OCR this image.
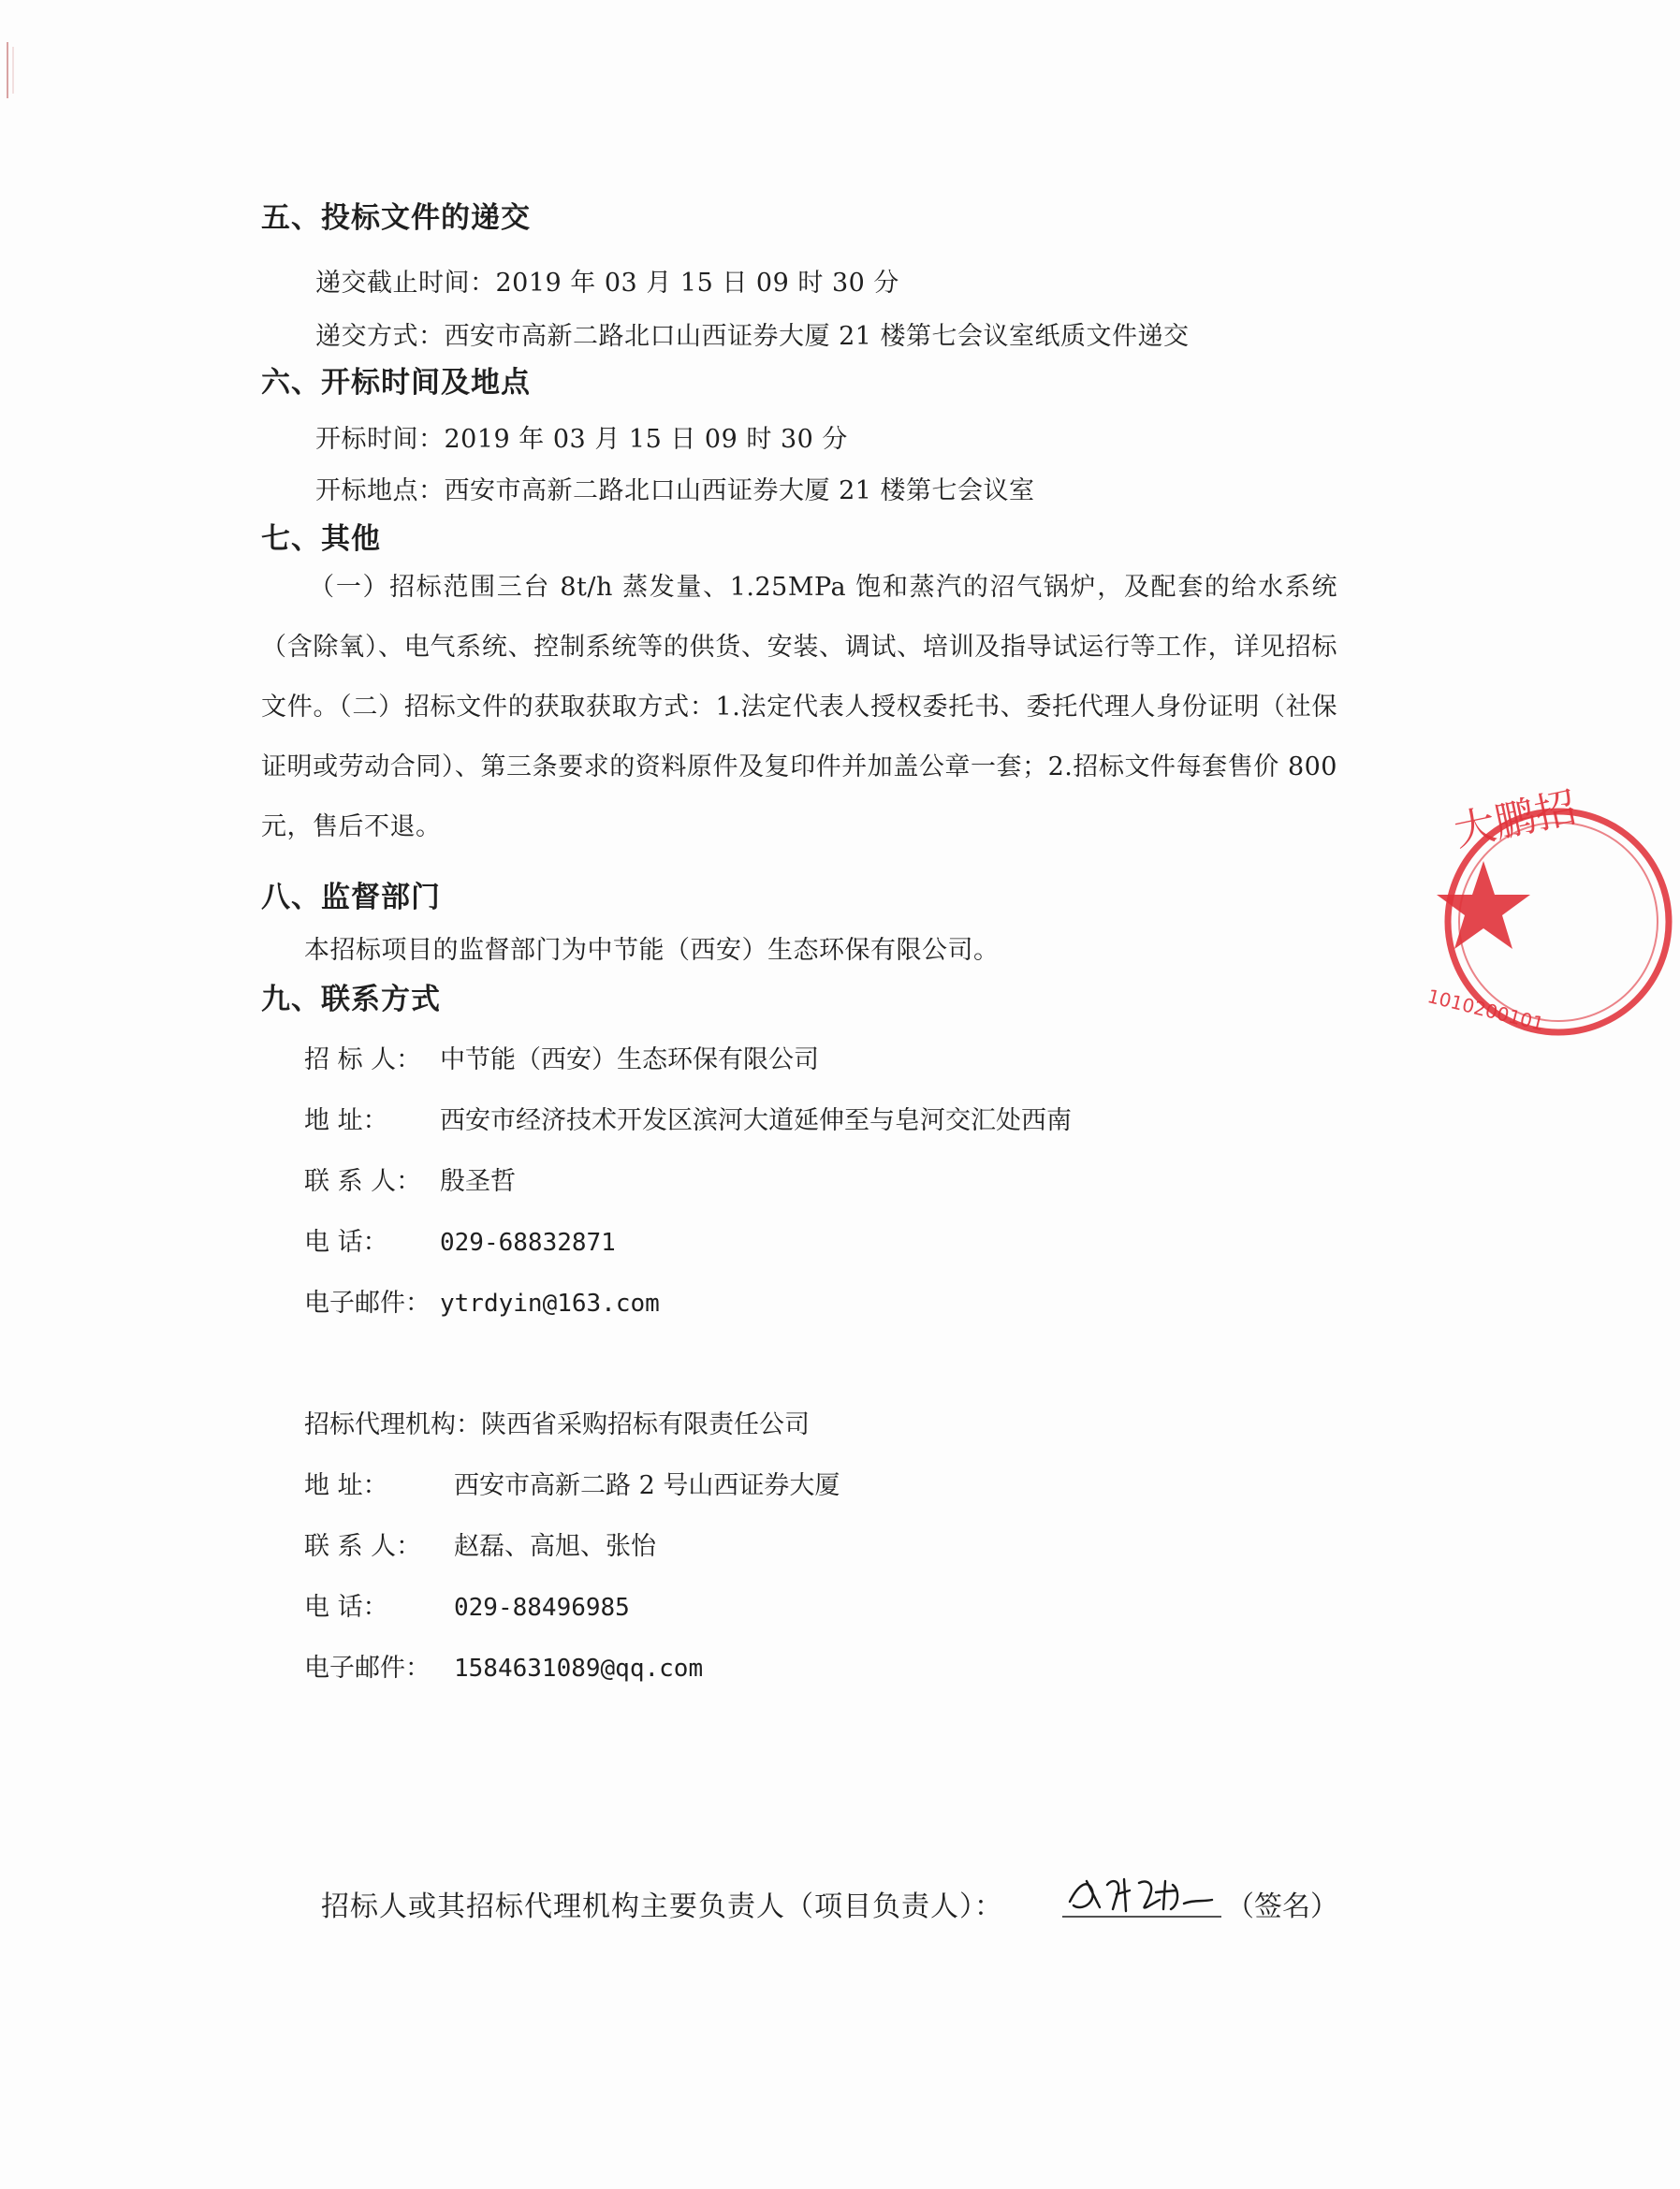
五、投标文件的递交
递交截止时间：2019 年 03 月 15 日 09 时 30 分
递交方式：西安市高新二路北口山西证券大厦 21 楼第七会议室纸质文件递交
六、开标时间及地点
开标时间：2019 年 03 月 15 日 09 时 30 分
开标地点：西安市高新二路北口山西证券大厦 21 楼第七会议室
七、其他
（一）招标范围三台 8t/h 蒸发量、1.25MPa 饱和蒸汽的沼气锅炉，及配套的给水系统（含除氧）、电气系统、控制系统等的供货、安装、调试、培训及指导试运行等工作，详见招标文件。（二）招标文件的获取获取方式：1.法定代表人授权委托书、委托代理人身份证明（社保证明或劳动合同）、第三条要求的资料原件及复印件并加盖公章一套；2.招标文件每套售价 800 元，售后不退。
八、监督部门
本招标项目的监督部门为中节能（西安）生态环保有限公司。
九、联系方式
招 标 人： 中节能（西安）生态环保有限公司
地 址： 西安市经济技术开发区滨河大道延伸至与皂河交汇处西南
联 系 人： 殷圣哲
电 话： 029-68832871
电子邮件： ytrdyin@163.com
招标代理机构：陕西省采购招标有限责任公司
地 址：	西安市高新二路 2 号山西证券大厦
联 系 人： 赵磊、高旭、张怡
电 话：	029-88496985
电子邮件： 1584631089@qq.com
招标人或其招标代理机构主要负责人（项目负责人）：	（签名）
大鹏招
1010200101
